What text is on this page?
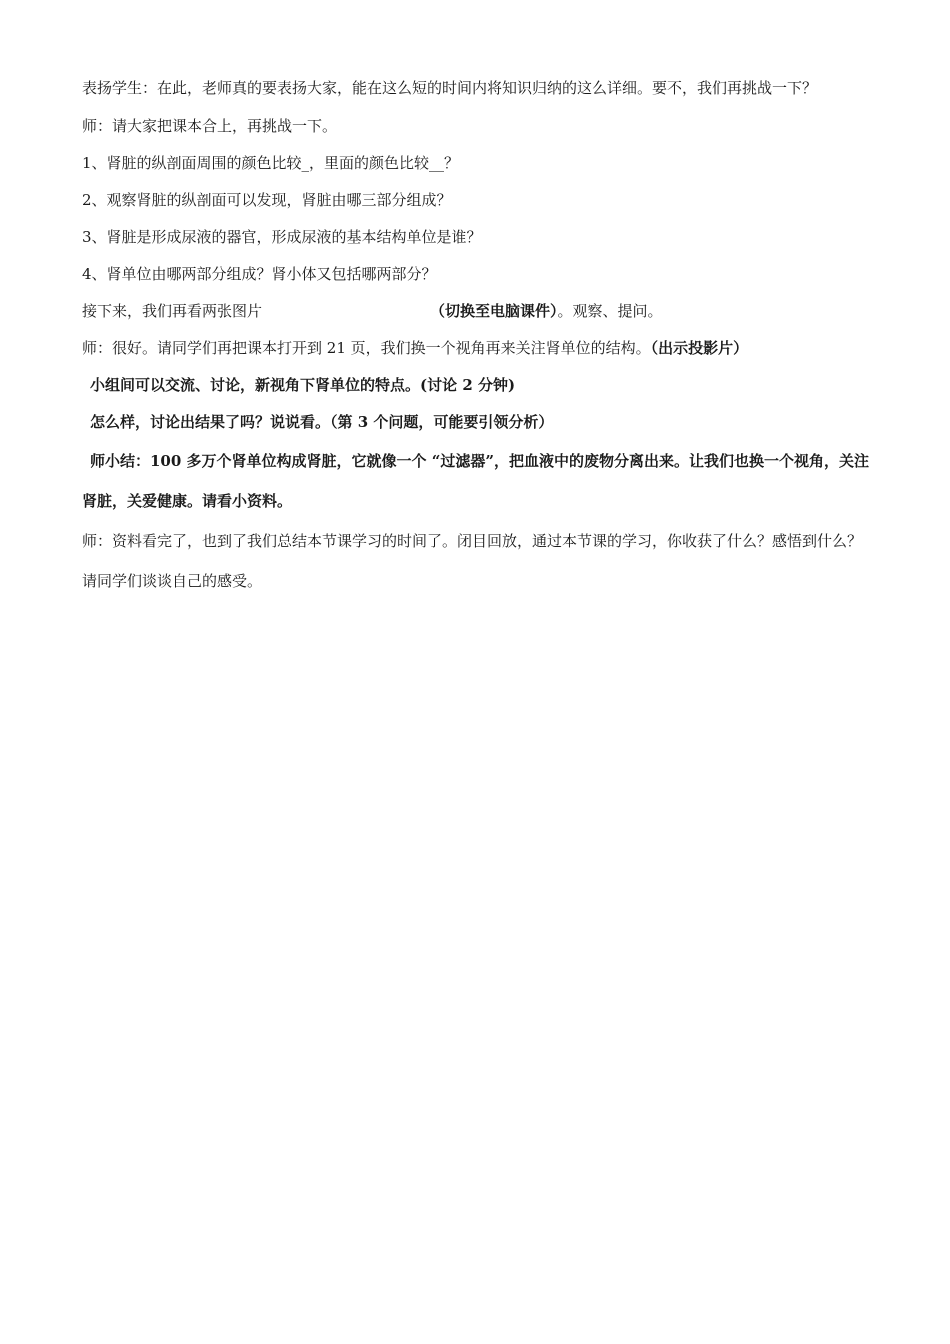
表扬学生：在此，老师真的要表扬大家，能在这么短的时间内将知识归纳的这么详细。要不，我们再挑战一下？
师：请大家把课本合上，再挑战一下。
1、肾脏的纵剖面周围的颜色比较_，里面的颜色比较__？
2、观察肾脏的纵剖面可以发现，肾脏由哪三部分组成？
3、肾脏是形成尿液的器官，形成尿液的基本结构单位是谁？
4、肾单位由哪两部分组成？肾小体又包括哪两部分？
接下来，我们再看两张图片	（切换至电脑课件）。观察、提问。
师：很好。请同学们再把课本打开到 21 页，我们换一个视角再来关注肾单位的结构。（出示投影片）
小组间可以交流、讨论，新视角下肾单位的特点。(讨论 2 分钟)
怎么样，讨论出结果了吗？说说看。（第 3 个问题，可能要引领分析）
师小结：100 多万个肾单位构成肾脏，它就像一个 “过滤器”，把血液中的废物分离出来。让我们也换一个视角，关注肾脏，关爱健康。请看小资料。
师：资料看完了，也到了我们总结本节课学习的时间了。闭目回放，通过本节课的学习，你收获了什么？感悟到什么？请同学们谈谈自己的感受。
